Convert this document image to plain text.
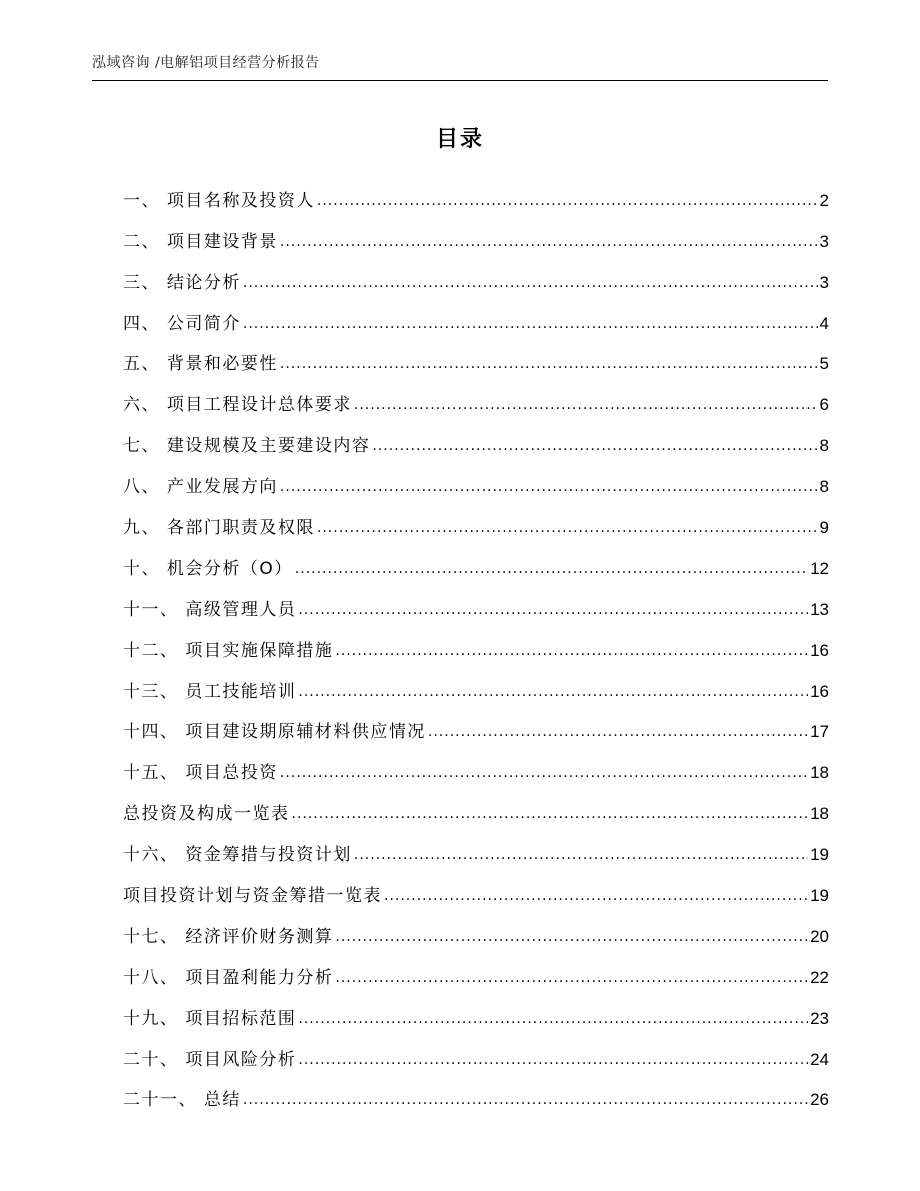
泓域咨询 /电解铝项目经营分析报告
目录
一、 项目名称及投资人 .....	2
二、 项目建设背景 .....	3
三、 结论分析 .....	3
四、 公司简介 .....	4
五、 背景和必要性 .....	5
六、 项目工程设计总体要求 .....	6
七、 建设规模及主要建设内容 .....	8
八、 产业发展方向 .....	8
九、 各部门职责及权限 .....	9
十、 机会分析（O） .....	12
十一、 高级管理人员 .....	13
十二、 项目实施保障措施 .....	16
十三、 员工技能培训 .....	16
十四、 项目建设期原辅材料供应情况 .....	17
十五、 项目总投资 .....	18
总投资及构成一览表 .....	18
十六、 资金筹措与投资计划 .....	19
项目投资计划与资金筹措一览表 .....	19
十七、 经济评价财务测算 .....	20
十八、 项目盈利能力分析 .....	22
十九、 项目招标范围 .....	23
二十、 项目风险分析 .....	24
二十一、 总结 .....	26
